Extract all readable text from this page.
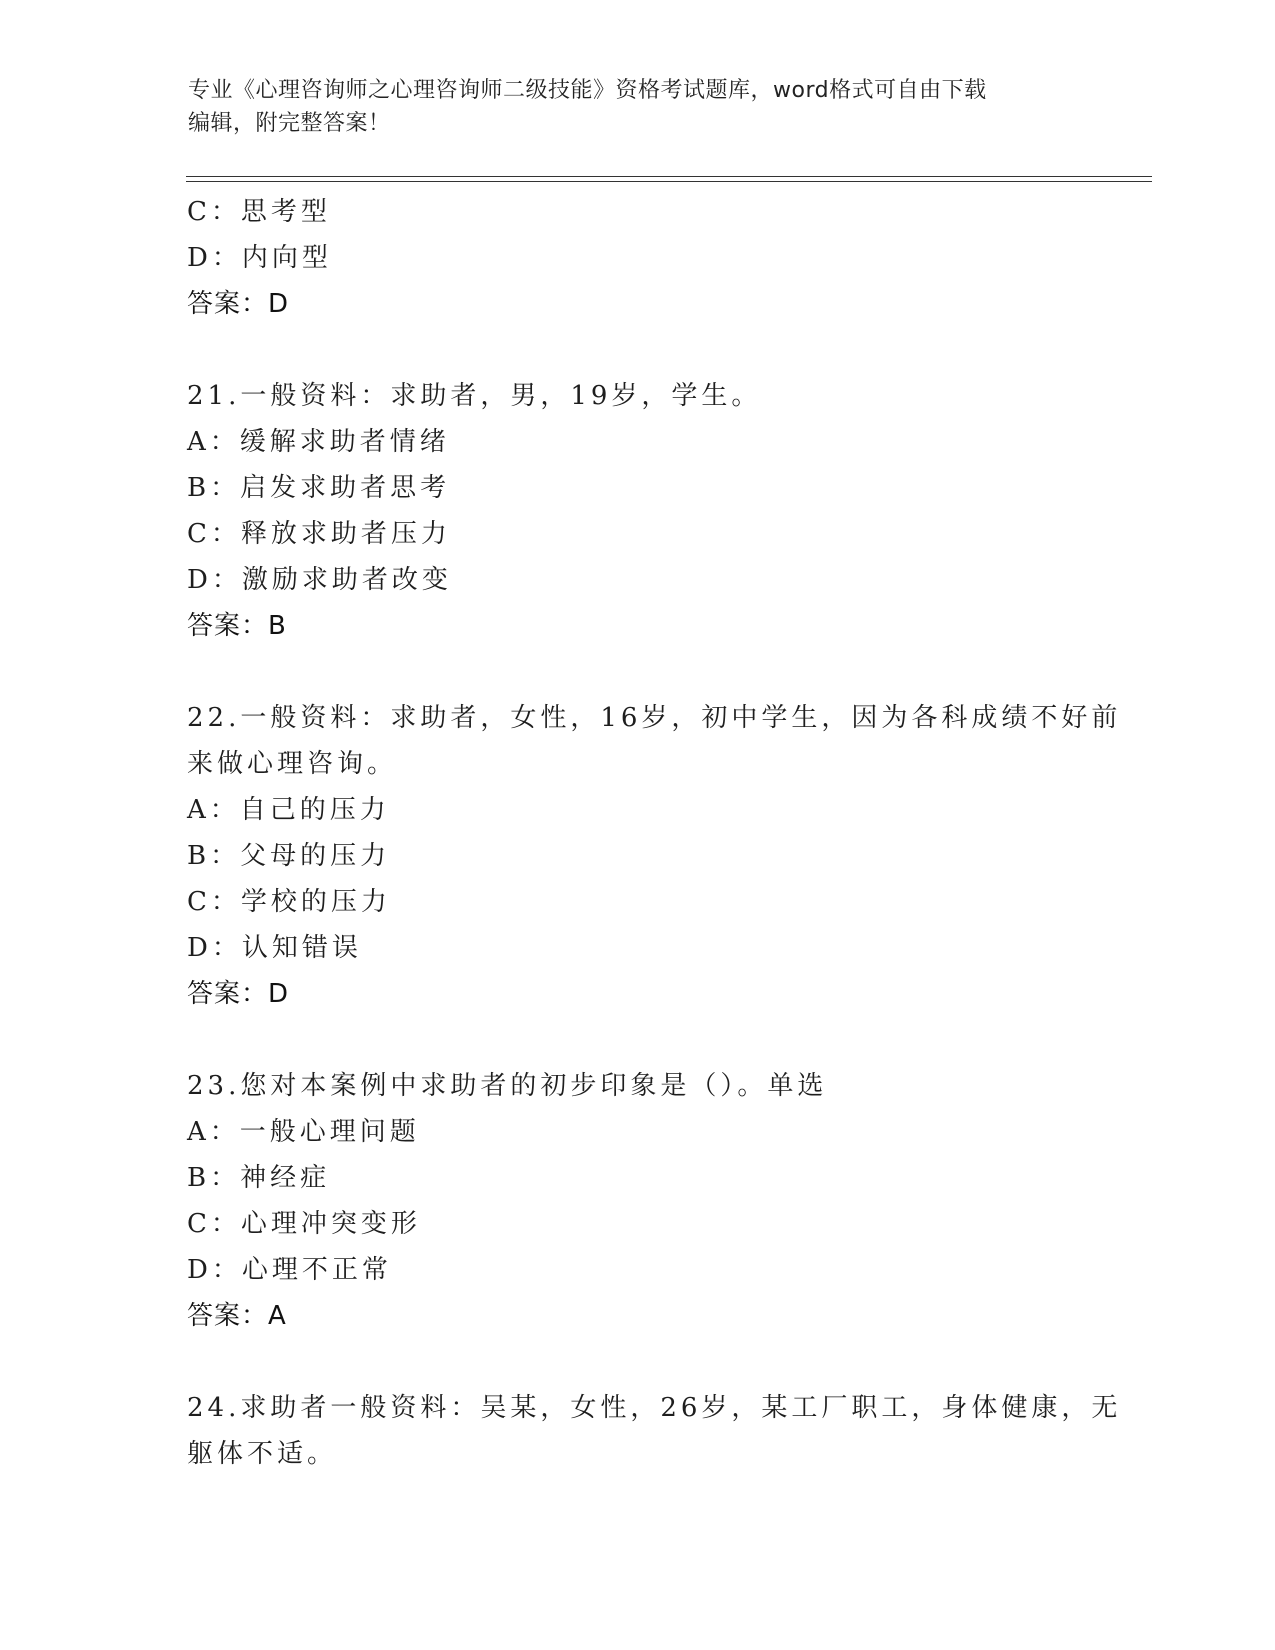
专业《心理咨询师之心理咨询师二级技能》资格考试题库，word格式可自由下载
编辑，附完整答案！
C：思考型
D：内向型
答案：D
21.一般资料：求助者，男，19岁，学生。
A：缓解求助者情绪
B：启发求助者思考
C：释放求助者压力
D：激励求助者改变
答案：B
22.一般资料：求助者，女性，16岁，初中学生，因为各科成绩不好前
来做心理咨询。
A：自己的压力
B：父母的压力
C：学校的压力
D：认知错误
答案：D
23.您对本案例中求助者的初步印象是（）。单选
A：一般心理问题
B：神经症
C：心理冲突变形
D：心理不正常
答案：A
24.求助者一般资料：吴某，女性，26岁，某工厂职工，身体健康，无
躯体不适。
